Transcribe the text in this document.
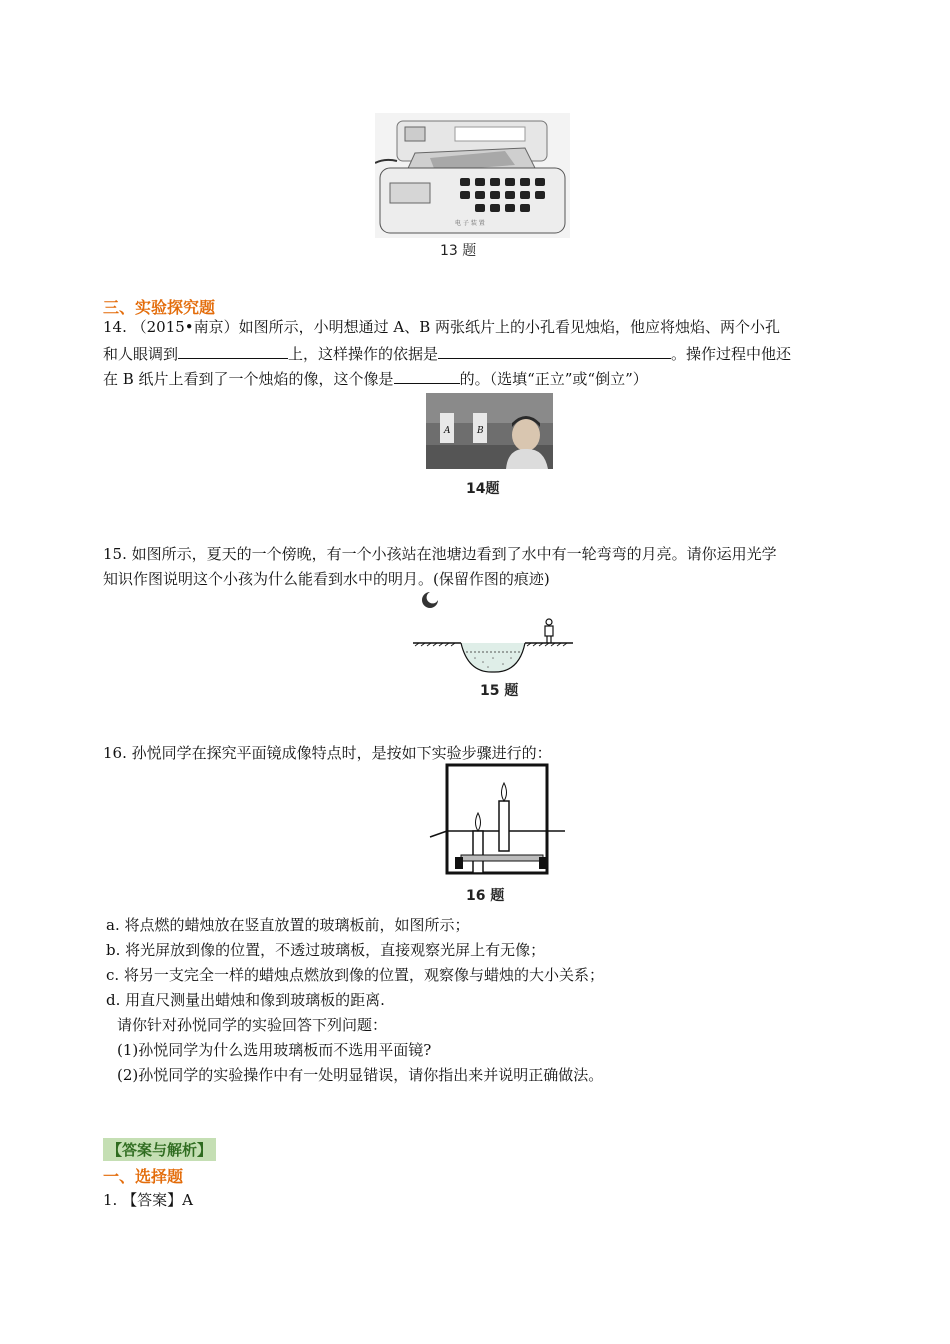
电 子 装 置
13 题
三、实验探究题
14. （2015•南京）如图所示，小明想通过 A、B 两张纸片上的小孔看见烛焰，他应将烛焰、两个小孔
和人眼调到	上，这样操作的依据是	。操作过程中他还
在 B 纸片上看到了一个烛焰的像，这个像是	的。（选填“正立”或“倒立”）
A	B
14题
15. 如图所示，夏天的一个傍晚，有一个小孩站在池塘边看到了水中有一轮弯弯的月亮。请你运用光学
知识作图说明这个小孩为什么能看到水中的明月。(保留作图的痕迹)
15 题
16. 孙悦同学在探究平面镜成像特点时，是按如下实验步骤进行的：
16 题
a. 将点燃的蜡烛放在竖直放置的玻璃板前，如图所示；
b. 将光屏放到像的位置，不透过玻璃板，直接观察光屏上有无像；
c. 将另一支完全一样的蜡烛点燃放到像的位置，观察像与蜡烛的大小关系；
d. 用直尺测量出蜡烛和像到玻璃板的距离.
请你针对孙悦同学的实验回答下列问题：
(1)孙悦同学为什么选用玻璃板而不选用平面镜?
(2)孙悦同学的实验操作中有一处明显错误，请你指出来并说明正确做法。
【答案与解析】
一、选择题
1. 【答案】A
